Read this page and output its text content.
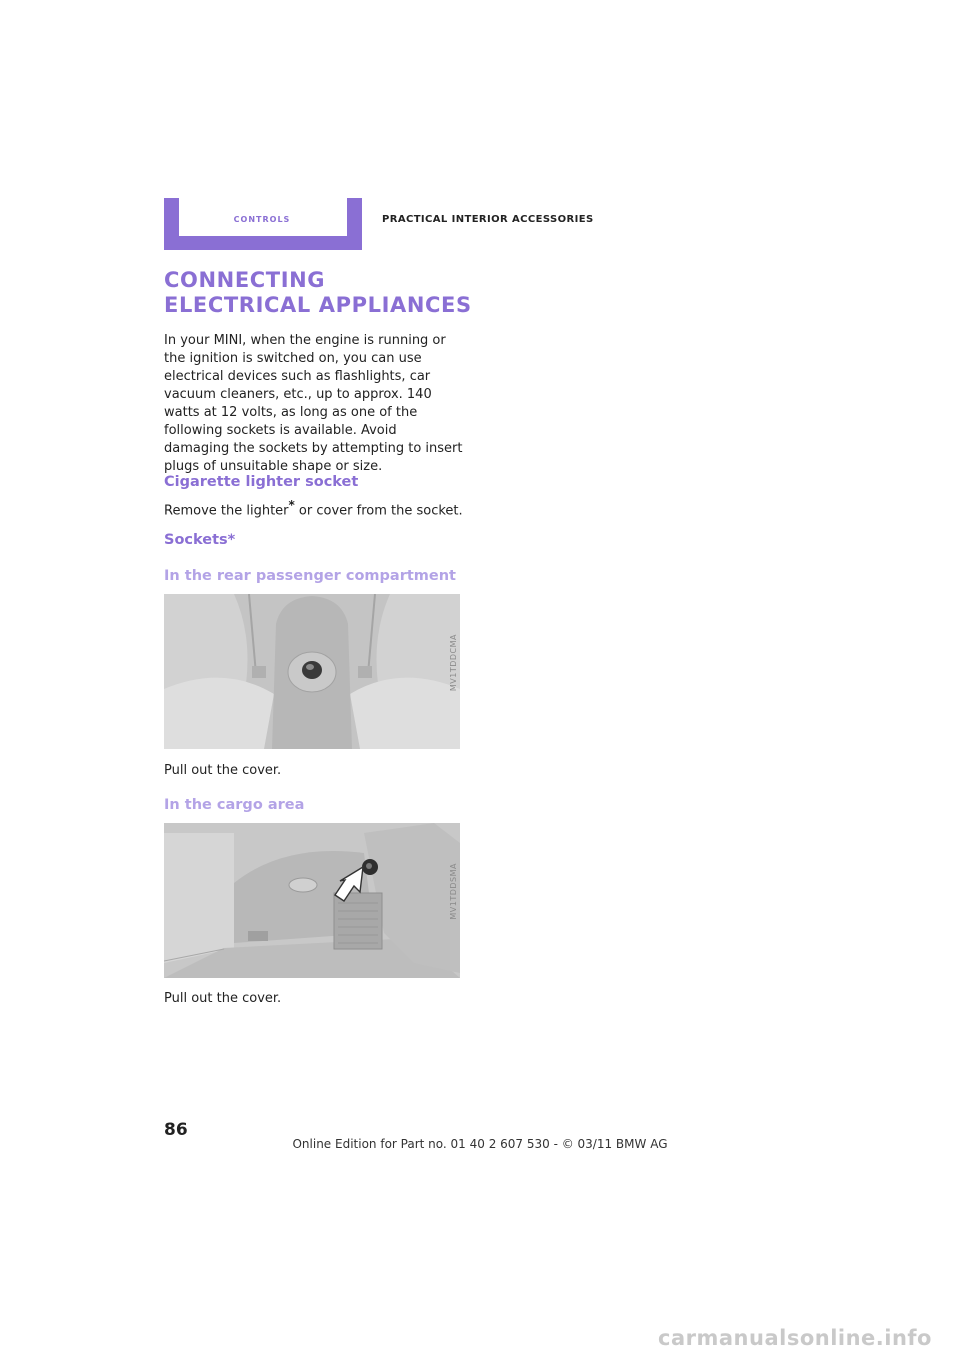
controls	PRACTICAL INTERIOR ACCESSORIES
CONNECTING ELECTRICAL APPLIANCES

In your MINI, when the engine is running or the ignition is switched on, you can use electrical devices such as flashlights, car vacuum cleaners, etc., up to approx. 140 watts at 12 volts, as long as one of the following sockets is available. Avoid damaging the sockets by attempting to insert plugs of unsuitable shape or size.

Cigarette lighter socket

Remove the lighter* or cover from the socket.

Sockets*
In the rear passenger compartment
MV1TDDCMA

Pull out the cover.

In the cargo area
MV1TDDSMA

Pull out the cover.

86
Online Edition for Part no. 01 40 2 607 530 - © 03/11 BMW AG
carmanualsonline.info
